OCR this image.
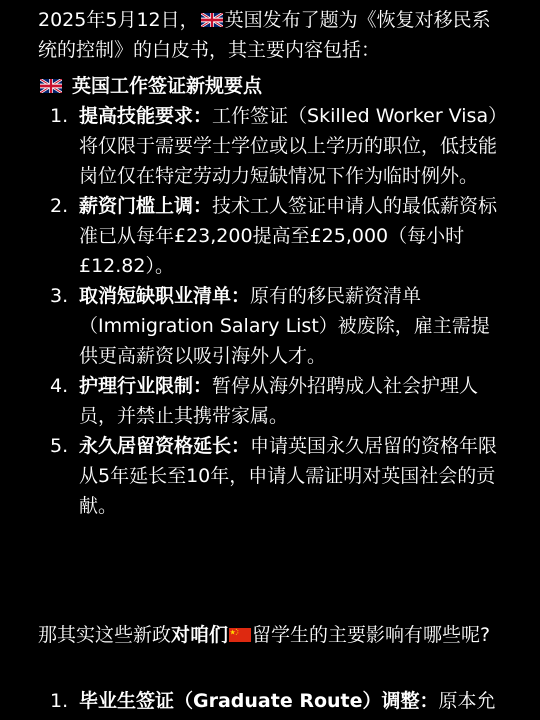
2025年5月12日， 英国发布了题为《恢复对移民系统的控制》的白皮书，其主要内容包括：
英国工作签证新规要点
1. 提高技能要求：工作签证（Skilled Worker Visa）将仅限于需要学士学位或以上学历的职位，低技能岗位仅在特定劳动力短缺情况下作为临时例外。
2. 薪资门槛上调：技术工人签证申请人的最低薪资标准已从每年£23,200提高至£25,000（每小时£12.82）。
3. 取消短缺职业清单：原有的移民薪资清单（Immigration Salary List）被废除，雇主需提供更高薪资以吸引海外人才。
4. 护理行业限制：暂停从海外招聘成人社会护理人员，并禁止其携带家属。
5. 永久居留资格延长：申请英国永久居留的资格年限从5年延长至10年，申请人需证明对英国社会的贡献。
那其实这些新政对咱们 留学生的主要影响有哪些呢?
1. 毕业生签证（Graduate Route）调整：原本允
